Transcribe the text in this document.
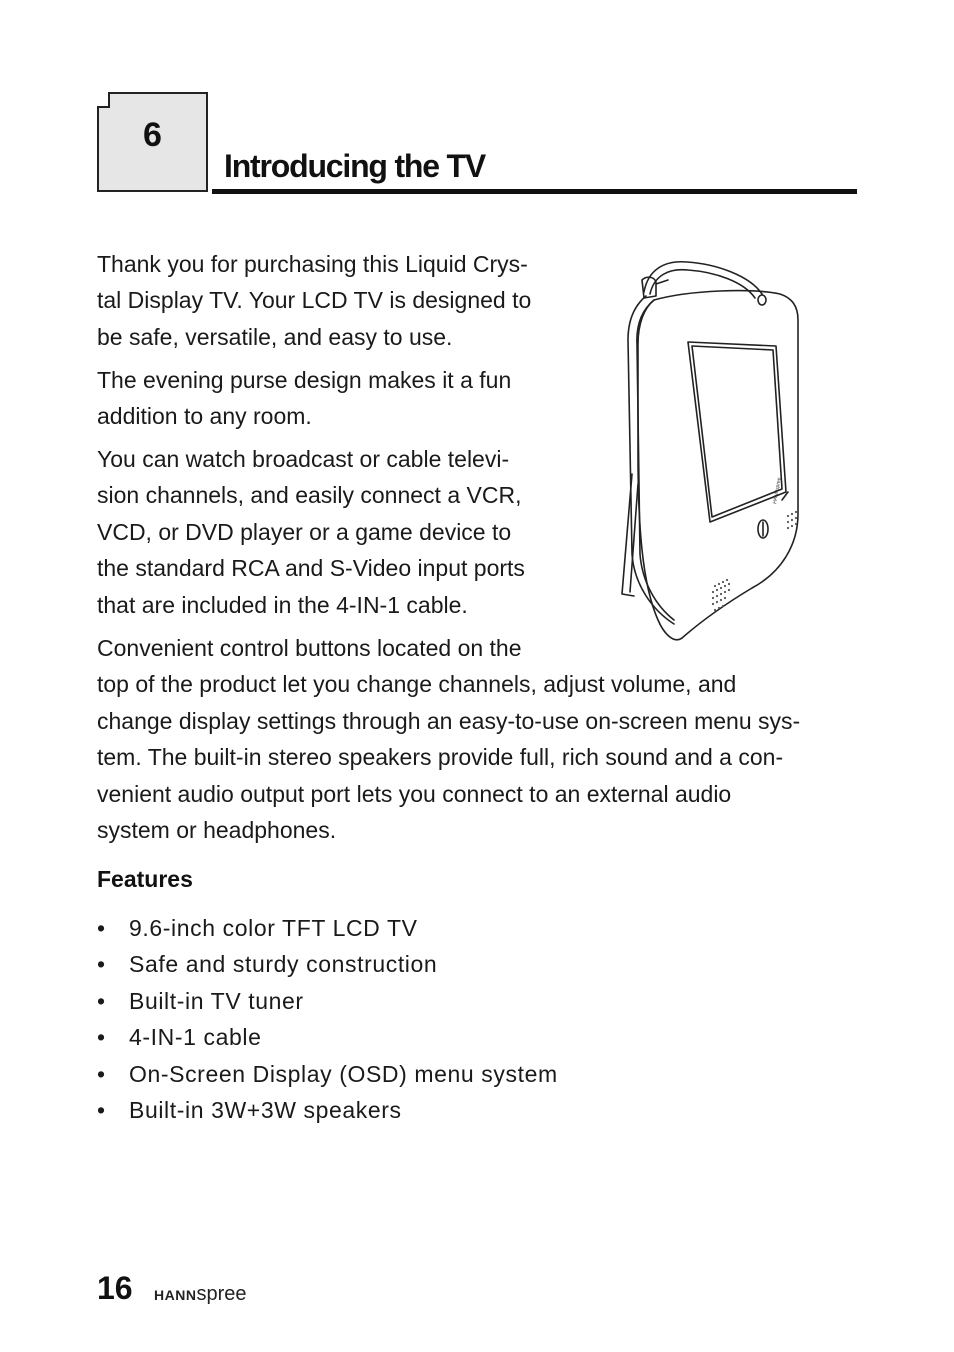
6
Introducing the TV

Thank you for purchasing this Liquid Crys-
tal Display TV. Your LCD TV is designed to
be safe, versatile, and easy to use.

The evening purse design makes it a fun
addition to any room.

You can watch broadcast or cable televi-
sion channels, and easily connect a VCR,
VCD, or DVD player or a game device to
the standard RCA and S-Video input ports
that are included in the 4-IN-1 cable.

Convenient control buttons located on the
top of the product let you change channels, adjust volume, and
change display settings through an easy-to-use on-screen menu sys-
tem. The built-in stereo speakers provide full, rich sound and a con-
venient audio output port lets you connect to an external audio
system or headphones.

HANNspree
Features
• 9.6-inch color TFT LCD TV
• Safe and sturdy construction
• Built-in TV tuner
• 4-IN-1 cable
• On-Screen Display (OSD) menu system
• Built-in 3W+3W speakers
16 HANNspree
